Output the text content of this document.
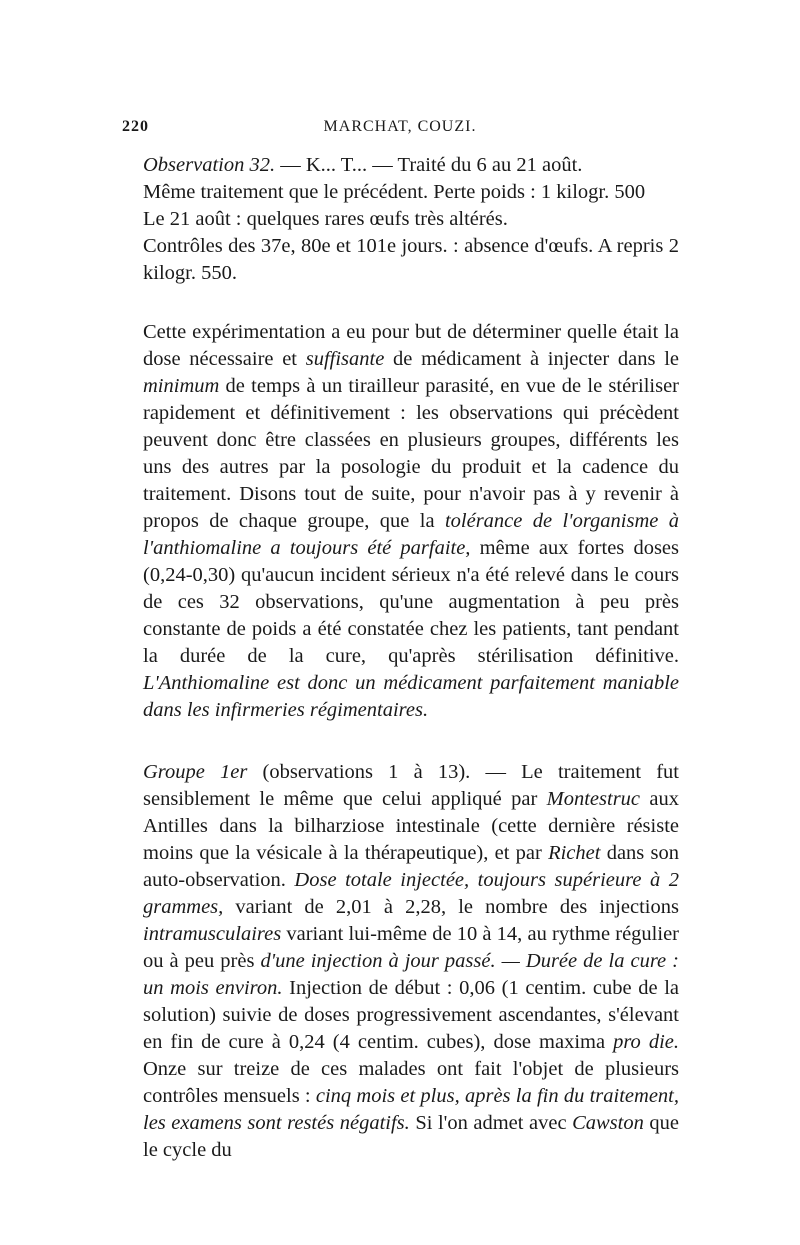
220	MARCHAT, COUZI.

Observation 32. — K... T... — Traité du 6 au 21 août.

Même traitement que le précédent. Perte poids : 1 kilogr. 500

Le 21 août : quelques rares œufs très altérés.

Contrôles des 37e, 80e et 101e jours. : absence d'œufs. A repris 2 kilogr. 550.

Cette expérimentation a eu pour but de déterminer quelle était la dose nécessaire et suffisante de médicament à injecter dans le minimum de temps à un tirailleur parasité, en vue de le stériliser rapidement et définitivement : les observations qui précèdent peuvent donc être classées en plusieurs groupes, différents les uns des autres par la posologie du produit et la cadence du traitement. Disons tout de suite, pour n'avoir pas à y revenir à propos de chaque groupe, que la tolérance de l'organisme à l'anthiomaline a toujours été parfaite, même aux fortes doses (0,24-0,30) qu'aucun incident sérieux n'a été relevé dans le cours de ces 32 observations, qu'une augmentation à peu près constante de poids a été constatée chez les patients, tant pendant la durée de la cure, qu'après stérilisation définitive. L'Anthiomaline est donc un médicament parfaitement maniable dans les infirmeries régimentaires.

Groupe 1er (observations 1 à 13). — Le traitement fut sensiblement le même que celui appliqué par Montestruc aux Antilles dans la bilharziose intestinale (cette dernière résiste moins que la vésicale à la thérapeutique), et par Richet dans son auto-observation. Dose totale injectée, toujours supérieure à 2 grammes, variant de 2,01 à 2,28, le nombre des injections intramusculaires variant lui-même de 10 à 14, au rythme régulier ou à peu près d'une injection à jour passé. — Durée de la cure : un mois environ. Injection de début : 0,06 (1 centim. cube de la solution) suivie de doses progressivement ascendantes, s'élevant en fin de cure à 0,24 (4 centim. cubes), dose maxima pro die. Onze sur treize de ces malades ont fait l'objet de plusieurs contrôles mensuels : cinq mois et plus, après la fin du traitement, les examens sont restés négatifs. Si l'on admet avec Cawston que le cycle du
